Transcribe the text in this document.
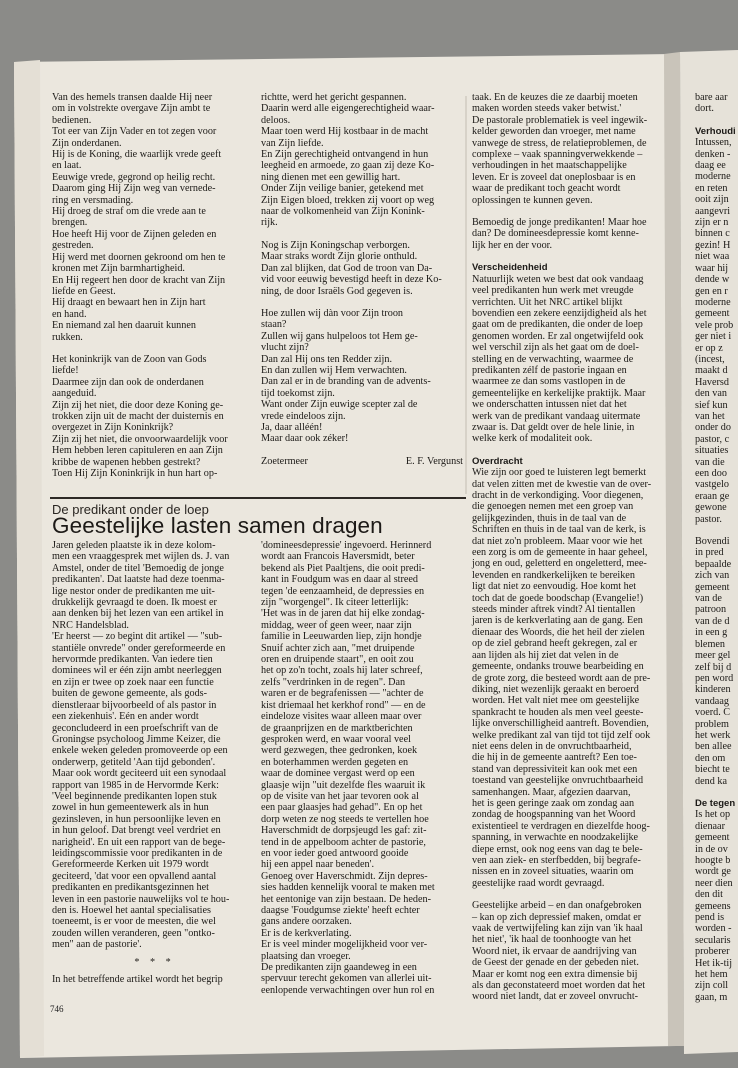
Van des hemels transen daalde Hij neer
om in volstrekte overgave Zijn ambt te
bedienen.

Tot eer van Zijn Vader en tot zegen voor
Zijn onderdanen.

Hij is de Koning, die waarlijk vrede geeft
en laat.

Eeuwige vrede, gegrond op heilig recht.

Daarom ging Hij Zijn weg van vernede-
ring en versmading.

Hij droeg de straf om die vrede aan te
brengen.

Hoe heeft Hij voor de Zijnen geleden en
gestreden.

Hij werd met doornen gekroond om hen te
kronen met Zijn barmhartigheid.

En Hij regeert hen door de kracht van Zijn
liefde en Geest.

Hij draagt en bewaart hen in Zijn hart
en hand.

En niemand zal hen daaruit kunnen
rukken.

Het koninkrijk van de Zoon van Gods
liefde!

Daarmee zijn dan ook de onderdanen
aangeduid.

Zijn zij het niet, die door deze Koning ge-
trokken zijn uit de macht der duisternis en
overgezet in Zijn Koninkrijk?

Zijn zij het niet, die onvoorwaardelijk voor
Hem hebben leren capituleren en aan Zijn
kribbe de wapenen hebben gestrekt?

Toen Hij Zijn Koninkrijk in hun hart op-

richtte, werd het gericht gespannen.

Daarin werd alle eigengerechtigheid waar-
deloos.

Maar toen werd Hij kostbaar in de macht
van Zijn liefde.

En Zijn gerechtigheid ontvangend in hun
leegheid en armoede, zo gaan zij deze Ko-
ning dienen met een gewillig hart.

Onder Zijn veilige banier, getekend met
Zijn Eigen bloed, trekken zij voort op weg
naar de volkomenheid van Zijn Konink-
rijk.

Nog is Zijn Koningschap verborgen.

Maar straks wordt Zijn glorie onthuld.

Dan zal blijken, dat God de troon van Da-
vid voor eeuwig bevestigd heeft in deze Ko-
ning, de door Israëls God gegeven is.

Hoe zullen wij dàn voor Zijn troon
staan?

Zullen wij gans hulpeloos tot Hem ge-
vlucht zijn?

Dan zal Hij ons ten Redder zijn.

En dan zullen wij Hem verwachten.

Dan zal er in de branding van de advents-
tijd toekomst zijn.

Want onder Zijn euwige scepter zal de
vrede eindeloos zijn.

Ja, daar alléén!

Maar daar ook zéker!

Zoetermeer	E. F. Vergunst

De predikant onder de loep
Geestelijke lasten samen dragen

Jaren geleden plaatste ik in deze kolom-
men een vraaggesprek met wijlen ds. J. van
Amstel, onder de titel 'Bemoedig de jonge
predikanten'. Dat laatste had deze toenma-
lige nestor onder de predikanten me uit-
drukkelijk gevraagd te doen. Ik moest er
aan denken bij het lezen van een artikel in
NRC Handelsblad.

'Er heerst — zo begint dit artikel — "sub-
stantiële onvrede" onder gereformeerde en
hervormde predikanten. Van iedere tien
dominees wil er één zijn ambt neerleggen
en zijn er twee op zoek naar een functie
buiten de gewone gemeente, als gods-
dienstleraar bijvoorbeeld of als pastor in
een ziekenhuis'. Eén en ander wordt
geconcludeerd in een proefschrift van de
Groningse psycholoog Jimme Keizer, die
enkele weken geleden promoveerde op een
onderwerp, getiteld 'Aan tijd gebonden'.
Maar ook wordt geciteerd uit een synodaal
rapport van 1985 in de Hervormde Kerk:
'Veel beginnende predikanten lopen stuk
zowel in hun gemeentewerk als in hun
gezinsleven, in hun persoonlijke leven en
in hun geloof. Dat brengt veel verdriet en
narigheid'. En uit een rapport van de bege-
leidingscommissie voor predikanten in de
Gereformeerde Kerken uit 1979 wordt
geciteerd, 'dat voor een opvallend aantal
predikanten en predikantsgezinnen het
leven in een pastorie nauwelijks vol te hou-
den is. Hoewel het aantal specialisaties
toeneemt, is er voor de meesten, die wel
zouden willen veranderen, geen "ontko-
men" aan de pastorie'.

* * *

In het betreffende artikel wordt het begrip

'domineesdepressie' ingevoerd. Herinnerd
wordt aan Francois Haversmidt, beter
bekend als Piet Paaltjens, die ooit predi-
kant in Foudgum was en daar al streed
tegen 'de eenzaamheid, de depressies en
zijn "worgengel". Ik citeer letterlijk:

'Het was in de jaren dat hij elke zondag-
middag, weer of geen weer, naar zijn
familie in Leeuwarden liep, zijn hondje
Snuif achter zich aan, "met druipende
oren en druipende staart", en ooit zou
het op zo'n tocht, zoals hij later schreef,
zelfs "verdrinken in de regen". Dan
waren er de begrafenissen — "achter de
kist driemaal het kerkhof rond" — en de
eindeloze visites waar alleen maar over
de graanprijzen en de marktberichten
gesproken werd, en waar vooral veel
werd gezwegen, thee gedronken, koek
en boterhammen werden gegeten en
waar de dominee vergast werd op een
glaasje wijn "uit dezelfde fles waaruit ik
op de visite van het jaar tevoren ook al
een paar glaasjes had gehad". En op het
dorp weten ze nog steeds te vertellen hoe
Haverschmidt de dorpsjeugd les gaf: zit-
tend in de appelboom achter de pastorie,
en voor ieder goed antwoord gooide
hij een appel naar beneden'.

Genoeg over Haverschmidt. Zijn depres-
sies hadden kennelijk vooral te maken met
het eentonige van zijn bestaan. De heden-
daagse 'Foudgumse ziekte' heeft echter
gans andere oorzaken.

Er is de kerkverlating.

Er is veel minder mogelijkheid voor ver-
plaatsing dan vroeger.

De predikanten zijn gaandeweg in een
spervuur terecht gekomen van allerlei uit-
eenlopende verwachtingen over hun rol en

taak. En de keuzes die ze daarbij moeten
maken worden steeds vaker betwist.'

De pastorale problematiek is veel ingewik-
kelder geworden dan vroeger, met name
vanwege de stress, de relatieproblemen, de
complexe – vaak spanningverwekkende –
verhoudingen in het maatschappelijke
leven. Er is zoveel dat oneplosbaar is en
waar de predikant toch geacht wordt
oplossingen te kunnen geven.

Bemoedig de jonge predikanten! Maar hoe
dan? De domineesdepressie komt kenne-
lijk her en der voor.

Verscheidenheid

Natuurlijk weten we best dat ook vandaag
veel predikanten hun werk met vreugde
verrichten. Uit het NRC artikel blijkt
bovendien een zekere eenzijdigheid als het
gaat om de predikanten, die onder de loep
genomen worden. Er zal ongetwijfeld ook
wel verschil zijn als het gaat om de doel-
stelling en de verwachting, waarmee de
predikanten zélf de pastorie ingaan en
waarmee ze dan soms vastlopen in de
gemeentelijke en kerkelijke praktijk. Maar
we onderschatten intussen niet dat het
werk van de predikant vandaag uitermate
zwaar is. Dat geldt over de hele linie, in
welke kerk of modaliteit ook.

Overdracht

Wie zijn oor goed te luisteren legt bemerkt
dat velen zitten met de kwestie van de over-
dracht in de verkondiging. Voor diegenen,
die genoegen nemen met een groep van
gelijkgezinden, thuis in de taal van de
Schriften en thuis in de taal van de kerk, is
dat niet zo'n probleem. Maar voor wie het
een zorg is om de gemeente in haar geheel,
jong en oud, geletterd en ongeletterd, mee-
levenden en randkerkelijken te bereiken
ligt dat niet zo eenvoudig. Hoe komt het
toch dat de goede boodschap (Evangelie!)
steeds minder aftrek vindt? Al tientallen
jaren is de kerkverlating aan de gang. Een
dienaar des Woords, die het heil der zielen
op de ziel gebrand heeft gekregen, zal er
aan lijden als hij ziet dat velen in de
gemeente, ondanks trouwe bearbeiding en
de grote zorg, die besteed wordt aan de pre-
diking, niet wezenlijk geraakt en beroerd
worden. Het valt niet mee om geestelijke
spankracht te houden als men veel geeste-
lijke onverschilligheid aantreft. Bovendien,
welke predikant zal van tijd tot tijd zelf ook
niet eens delen in de onvruchtbaarheid,
die hij in de gemeente aantreft? Een toe-
stand van depressiviteit kan ook met een
toestand van geestelijke onvruchtbaarheid
samenhangen. Maar, afgezien daarvan,
het is geen geringe zaak om zondag aan
zondag de hoogspanning van het Woord
existentieel te verdragen en diezelfde hoog-
spanning, in verwachte en noodzakelijke
diepe ernst, ook nog eens van dag te bele-
ven aan ziek- en sterfbedden, bij begrafe-
nissen en in zoveel situaties, waarin om
geestelijke raad wordt gevraagd.

Geestelijke arbeid – en dan onafgebroken
– kan op zich depressief maken, omdat er
vaak de vertwijfeling kan zijn van 'ik haal
het niet', 'ik haal de toonhoogte van het
Woord niet, ik ervaar de aandrijving van
de Geest der genade en der gebeden niet.
Maar er komt nog een extra dimensie bij
als dan geconstateerd moet worden dat het
woord niet landt, dat er zoveel onvrucht-

bare aar
dort.

Verhoudi

Intussen,
denken -
daag ee
moderne
en reten
ooit zijn
aangevri
zijn er n
binnen c
gezin! H
niet waa
waar hij
dende w
gen en r
moderne
gemeent
vele prob
ger niet i
er op z
(incest,
maakt d
Haversd
den van
sief kun
van het
onder do
pastor, c
situaties
van die
een doo
vastgelo
eraan ge
gewone
pastor.

Bovendi
in pred
bepaalde
zich van
gemeent
van de
patroon
van de d
in een g
blemen
meer gel
zelf bij d
pen word
kinderen
vandaag
voerd. C
problem
het werk
ben allee
den om
biecht te
dend ka

De tegen

Is het op
dienaar
gemeent
in de ov
hoogte b
wordt ge
neer dien
den dit
gemeens
pend is
worden -
secularis
proberer
Het ik-tij
het hem
zijn coll
gaan, m

746
